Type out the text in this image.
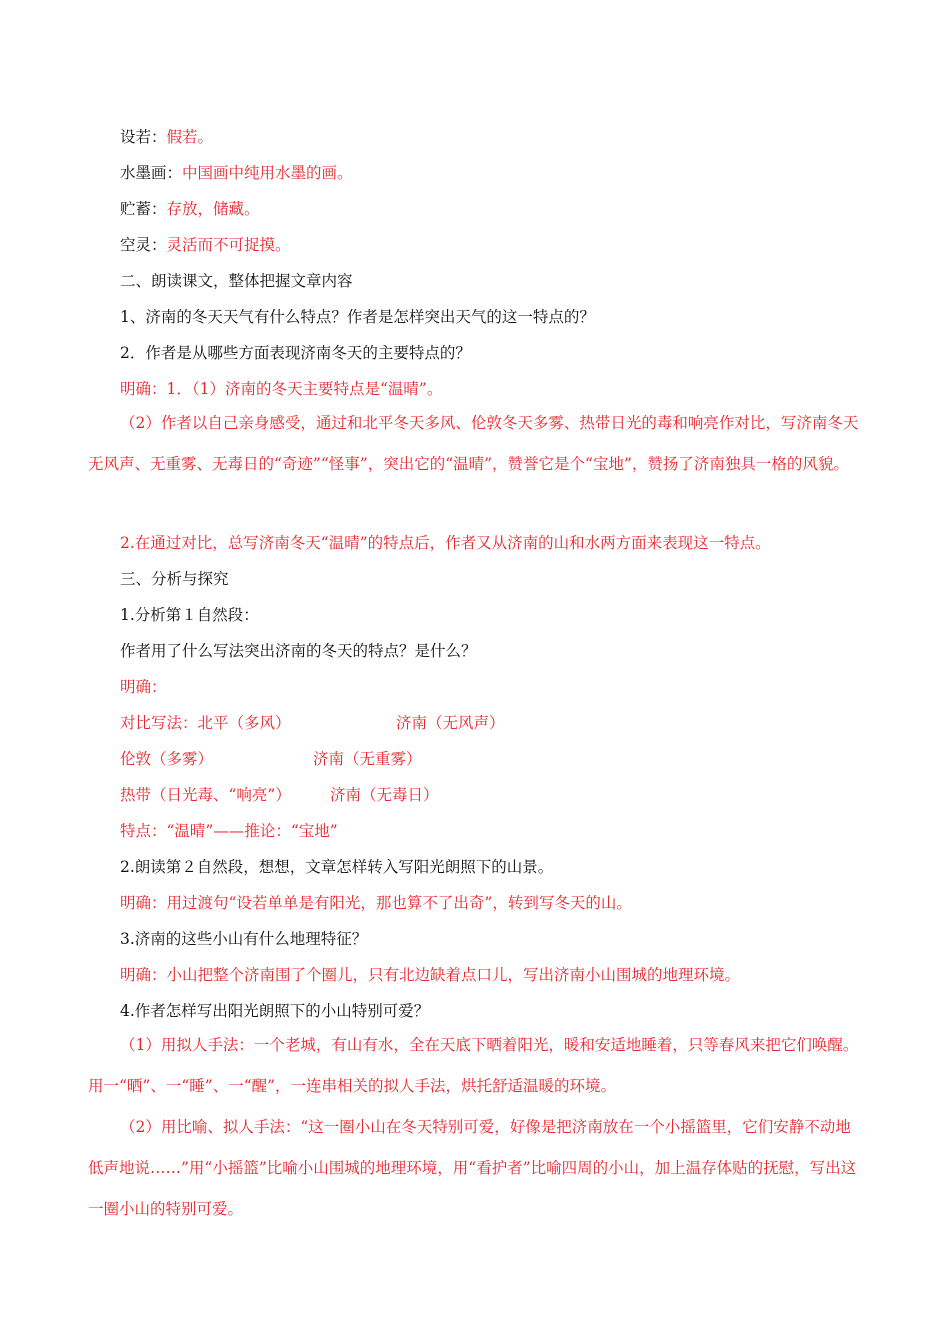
设若：假若。
水墨画：中国画中纯用水墨的画。
贮蓄：存放，储藏。
空灵：灵活而不可捉摸。
二、朗读课文，整体把握文章内容
1、济南的冬天天气有什么特点？作者是怎样突出天气的这一特点的？
2．作者是从哪些方面表现济南冬天的主要特点的？
明确：1．（1）济南的冬天主要特点是“温晴”。
（2）作者以自己亲身感受，通过和北平冬天多风、伦敦冬天多雾、热带日光的毒和响亮作对比，写济南冬天无风声、无重雾、无毒日的“奇迹”“怪事”，突出它的“温晴”，赞誉它是个“宝地”，赞扬了济南独具一格的风貌。
2.在通过对比，总写济南冬天“温晴”的特点后，作者又从济南的山和水两方面来表现这一特点。
三、分析与探究
1.分析第１自然段：
作者用了什么写法突出济南的冬天的特点？是什么？
明确：
对比写法：北平（多风）	济南（无风声）
伦敦（多雾）	济南（无重雾）
热带（日光毒、“响亮”）	济南（无毒日）
特点：“温晴”——推论：“宝地”
2.朗读第２自然段，想想，文章怎样转入写阳光朗照下的山景。
明确：用过渡句“设若单单是有阳光，那也算不了出奇”，转到写冬天的山。
3.济南的这些小山有什么地理特征？
明确：小山把整个济南围了个圈儿，只有北边缺着点口儿，写出济南小山围城的地理环境。
4.作者怎样写出阳光朗照下的小山特别可爱？
（1）用拟人手法：一个老城，有山有水，全在天底下晒着阳光，暖和安适地睡着，只等春风来把它们唤醒。用一“晒”、一“睡”、一“醒”，一连串相关的拟人手法，烘托舒适温暖的环境。
（2）用比喻、拟人手法：“这一圈小山在冬天特别可爱，好像是把济南放在一个小摇篮里，它们安静不动地低声地说……”用“小摇篮”比喻小山围城的地理环境，用“看护者”比喻四周的小山，加上温存体贴的抚慰，写出这一圈小山的特别可爱。
